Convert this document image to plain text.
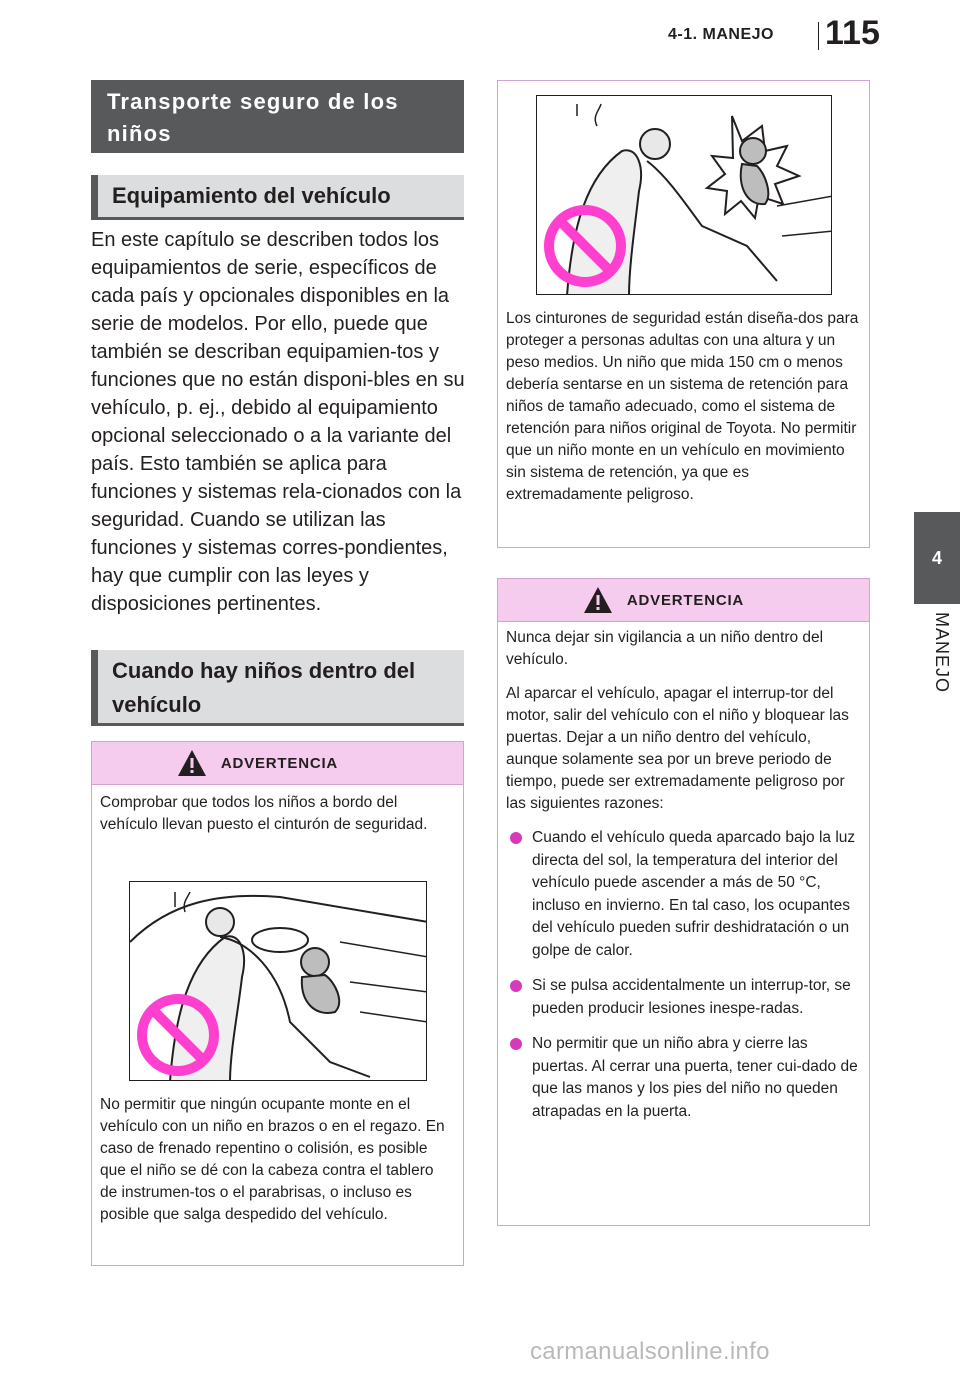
4-1. MANEJO 115
4
MANEJO
Transporte seguro de los niños
Equipamiento del vehículo

En este capítulo se describen todos los equipamientos de serie, específicos de cada país y opcionales disponibles en la serie de modelos. Por ello, puede que también se describan equipamien-tos y funciones que no están disponi-bles en su vehículo, p. ej., debido al equipamiento opcional seleccionado o a la variante del país. Esto también se aplica para funciones y sistemas rela-cionados con la seguridad. Cuando se utilizan las funciones y sistemas corres-pondientes, hay que cumplir con las leyes y disposiciones pertinentes.

Cuando hay niños dentro del vehículo
ADVERTENCIA

Comprobar que todos los niños a bordo del vehículo llevan puesto el cinturón de seguridad.

No permitir que ningún ocupante monte en el vehículo con un niño en brazos o en el regazo. En caso de frenado repentino o colisión, es posible que el niño se dé con la cabeza contra el tablero de instrumen-tos o el parabrisas, o incluso es posible que salga despedido del vehículo.

Los cinturones de seguridad están diseña-dos para proteger a personas adultas con una altura y un peso medios. Un niño que mida 150 cm o menos debería sentarse en un sistema de retención para niños de tamaño adecuado, como el sistema de retención para niños original de Toyota. No permitir que un niño monte en un vehículo en movimiento sin sistema de retención, ya que es extremadamente peligroso.

ADVERTENCIA

Nunca dejar sin vigilancia a un niño dentro del vehículo.

Al aparcar el vehículo, apagar el interrup-tor del motor, salir del vehículo con el niño y bloquear las puertas. Dejar a un niño dentro del vehículo, aunque solamente sea por un breve periodo de tiempo, puede ser extremadamente peligroso por las siguientes razones:

Cuando el vehículo queda aparcado bajo la luz directa del sol, la temperatura del interior del vehículo puede ascender a más de 50 °C, incluso en invierno. En tal caso, los ocupantes del vehículo pueden sufrir deshidratación o un golpe de calor.
Si se pulsa accidentalmente un interrup-tor, se pueden producir lesiones inespe-radas.
No permitir que un niño abra y cierre las puertas. Al cerrar una puerta, tener cui-dado de que las manos y los pies del niño no queden atrapadas en la puerta.
carmanualsonline.info
